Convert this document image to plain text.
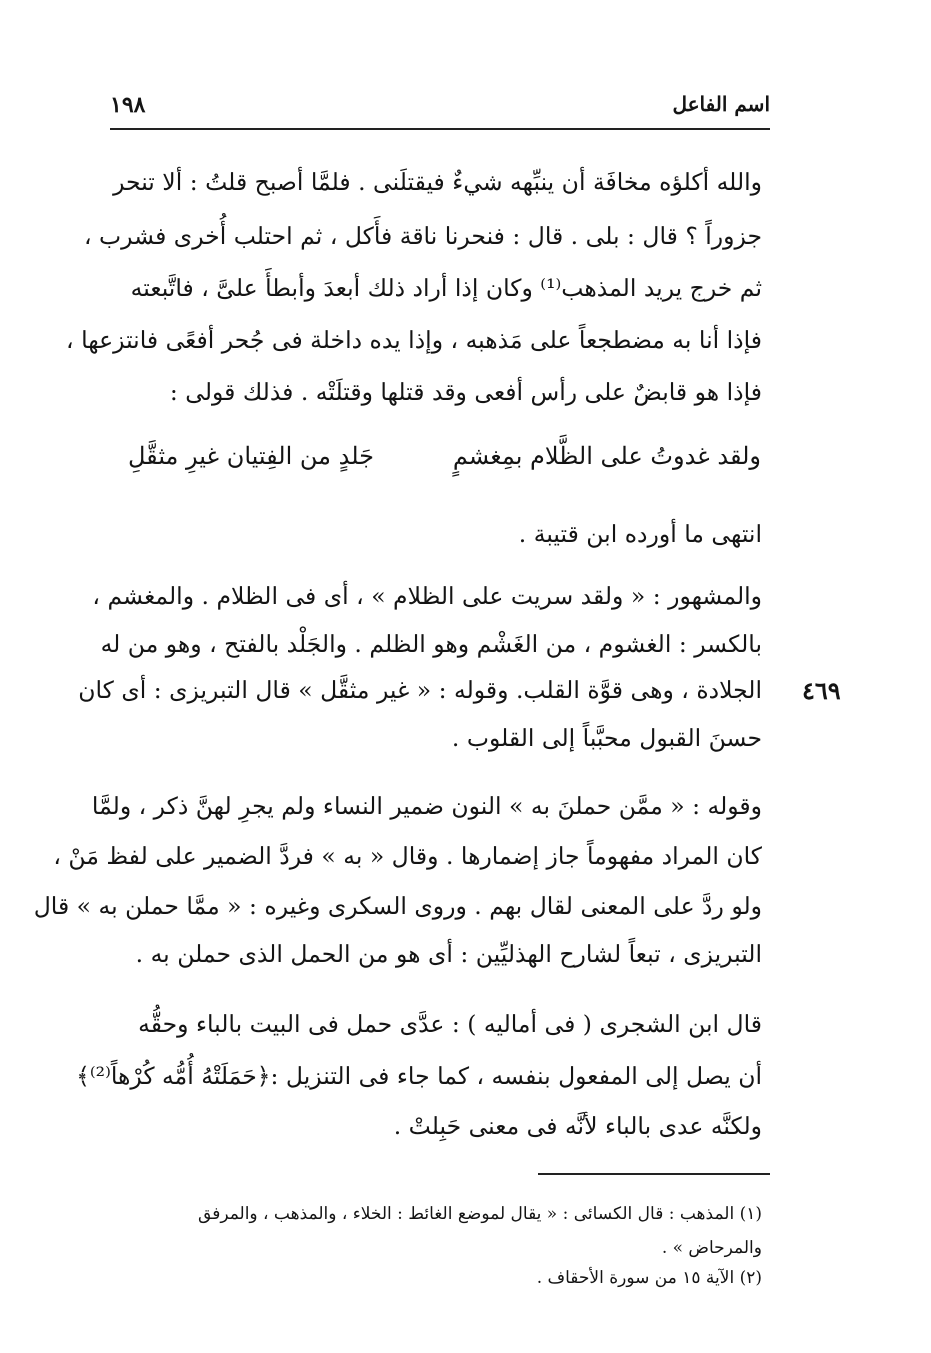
١٩٨	اسم الفاعل
والله أكلؤه مخافَة أن ينبِّهه شيءٌ فيقتلَنى . فلمَّا أصبح قلتُ : ألا تنحر
جزوراً ؟ قال : بلى . قال : فنحرنا ناقة فأَكل ، ثم احتلب أُخرى فشرب ،
ثم خرج يريد المذهب⁽¹⁾ وكان إذا أراد ذلك أبعدَ وأبطأَ علىَّ ، فاتَّبعته
فإذا أنا به مضطجعاً على مَذهبه ، وإذا يده داخلة فى جُحر أفعًى فانتزعها ،
فإذا هو قابضٌ على رأس أفعى وقد قتلها وقتلَتْه . فذلك قولى :
ولقد غدوتُ على الظَّلام بمِغشمٍ
جَلدٍ من الفِتيان غيرِ مثقَّلِ
انتهى ما أورده ابن قتيبة .
والمشهور : « ولقد سريت على الظلام » ، أى فى الظلام . والمغشم ،
بالكسر : الغشوم ، من الغَشْم وهو الظلم . والجَلْد بالفتح ، وهو من له
الجلادة ، وهى قوَّة القلب. وقوله : « غير مثقَّل » قال التبريزى : أى كان
حسنَ القبول محبَّباً إلى القلوب .
٤٦٩
وقوله : « ممَّن حملنَ به » النون ضمير النساء ولم يجرِ لهنَّ ذكر ، ولمَّا
كان المراد مفهوماً جاز إضمارها . وقال « به » فردَّ الضمير على لفظ مَنْ ،
ولو ردَّ على المعنى لقال بهم . وروى السكرى وغيره : « ممَّا حملن به » قال
التبريزى ، تبعاً لشارح الهذليِّين : أى هو من الحمل الذى حملن به .
قال ابن الشجرى ( فى أماليه ) : عدَّى حمل فى البيت بالباء وحقُّه
أن يصل إلى المفعول بنفسه ، كما جاء فى التنزيل :﴿حَمَلَتْهُ أُمُّه كُرْهاً⁽²⁾﴾
ولكنَّه عدى بالباء لأنَّه فى معنى حَبِلتْ .
(١) المذهب : قال الكسائى : « يقال لموضع الغائط : الخلاء ، والمذهب ، والمرفق
والمرحاض » .
(٢) الآية ١٥ من سورة الأحقاف .
